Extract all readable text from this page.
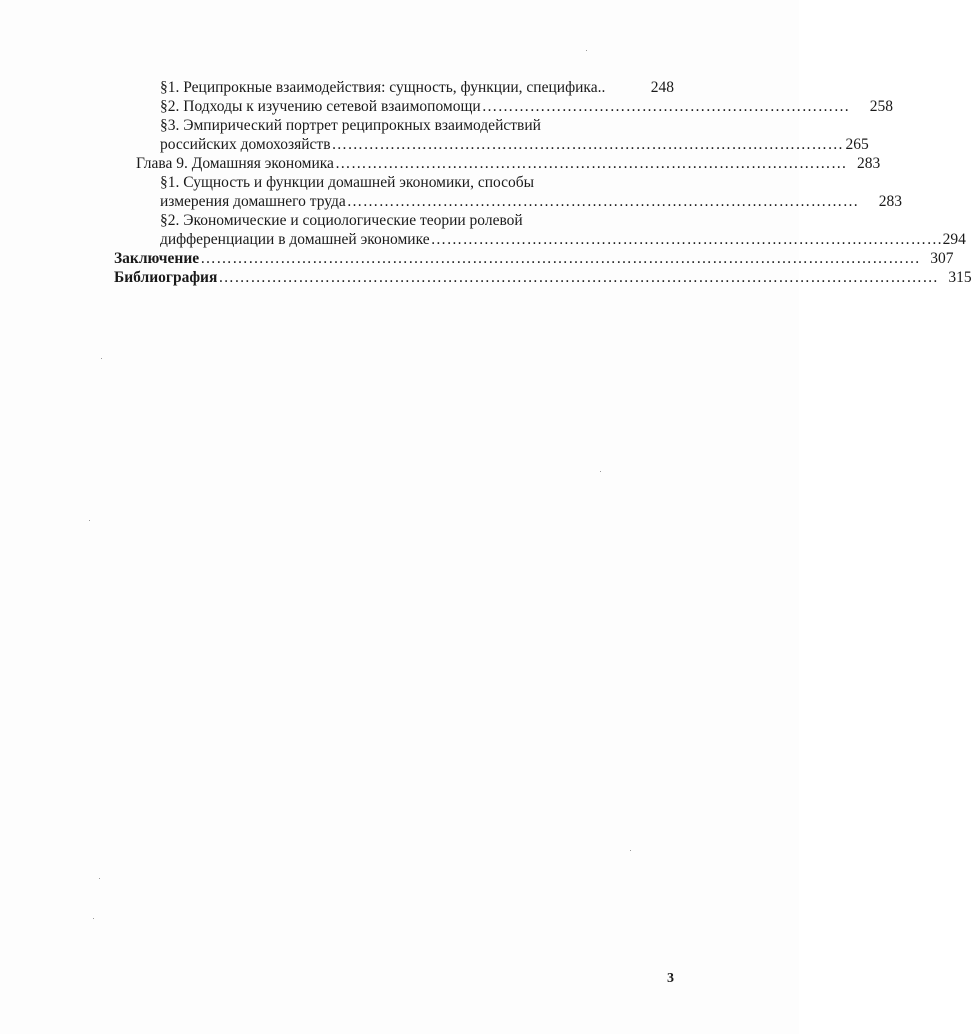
§1. Реципрокные взаимодействия: сущность, функции, специфика..	248
§2. Подходы к изучению сетевой взаимопомощи …………………………………………………………… 258
§3. Эмпирический портрет реципрокных взаимодействий
российских домохозяйств …………………………………………………………………………………… 265
Глава 9. Домашняя экономика …………………………………………………………………………………… 283
§1. Сущность и функции домашней экономики, способы
измерения домашнего труда …………………………………………………………………………………… 283
§2. Экономические и социологические теории ролевой
дифференциации в домашней экономике …………………………………………………………………………………… 294
Заключение ……………………………………………………………………………………………………………………… 307
Библиография ……………………………………………………………………………………………………………………… 315
3
